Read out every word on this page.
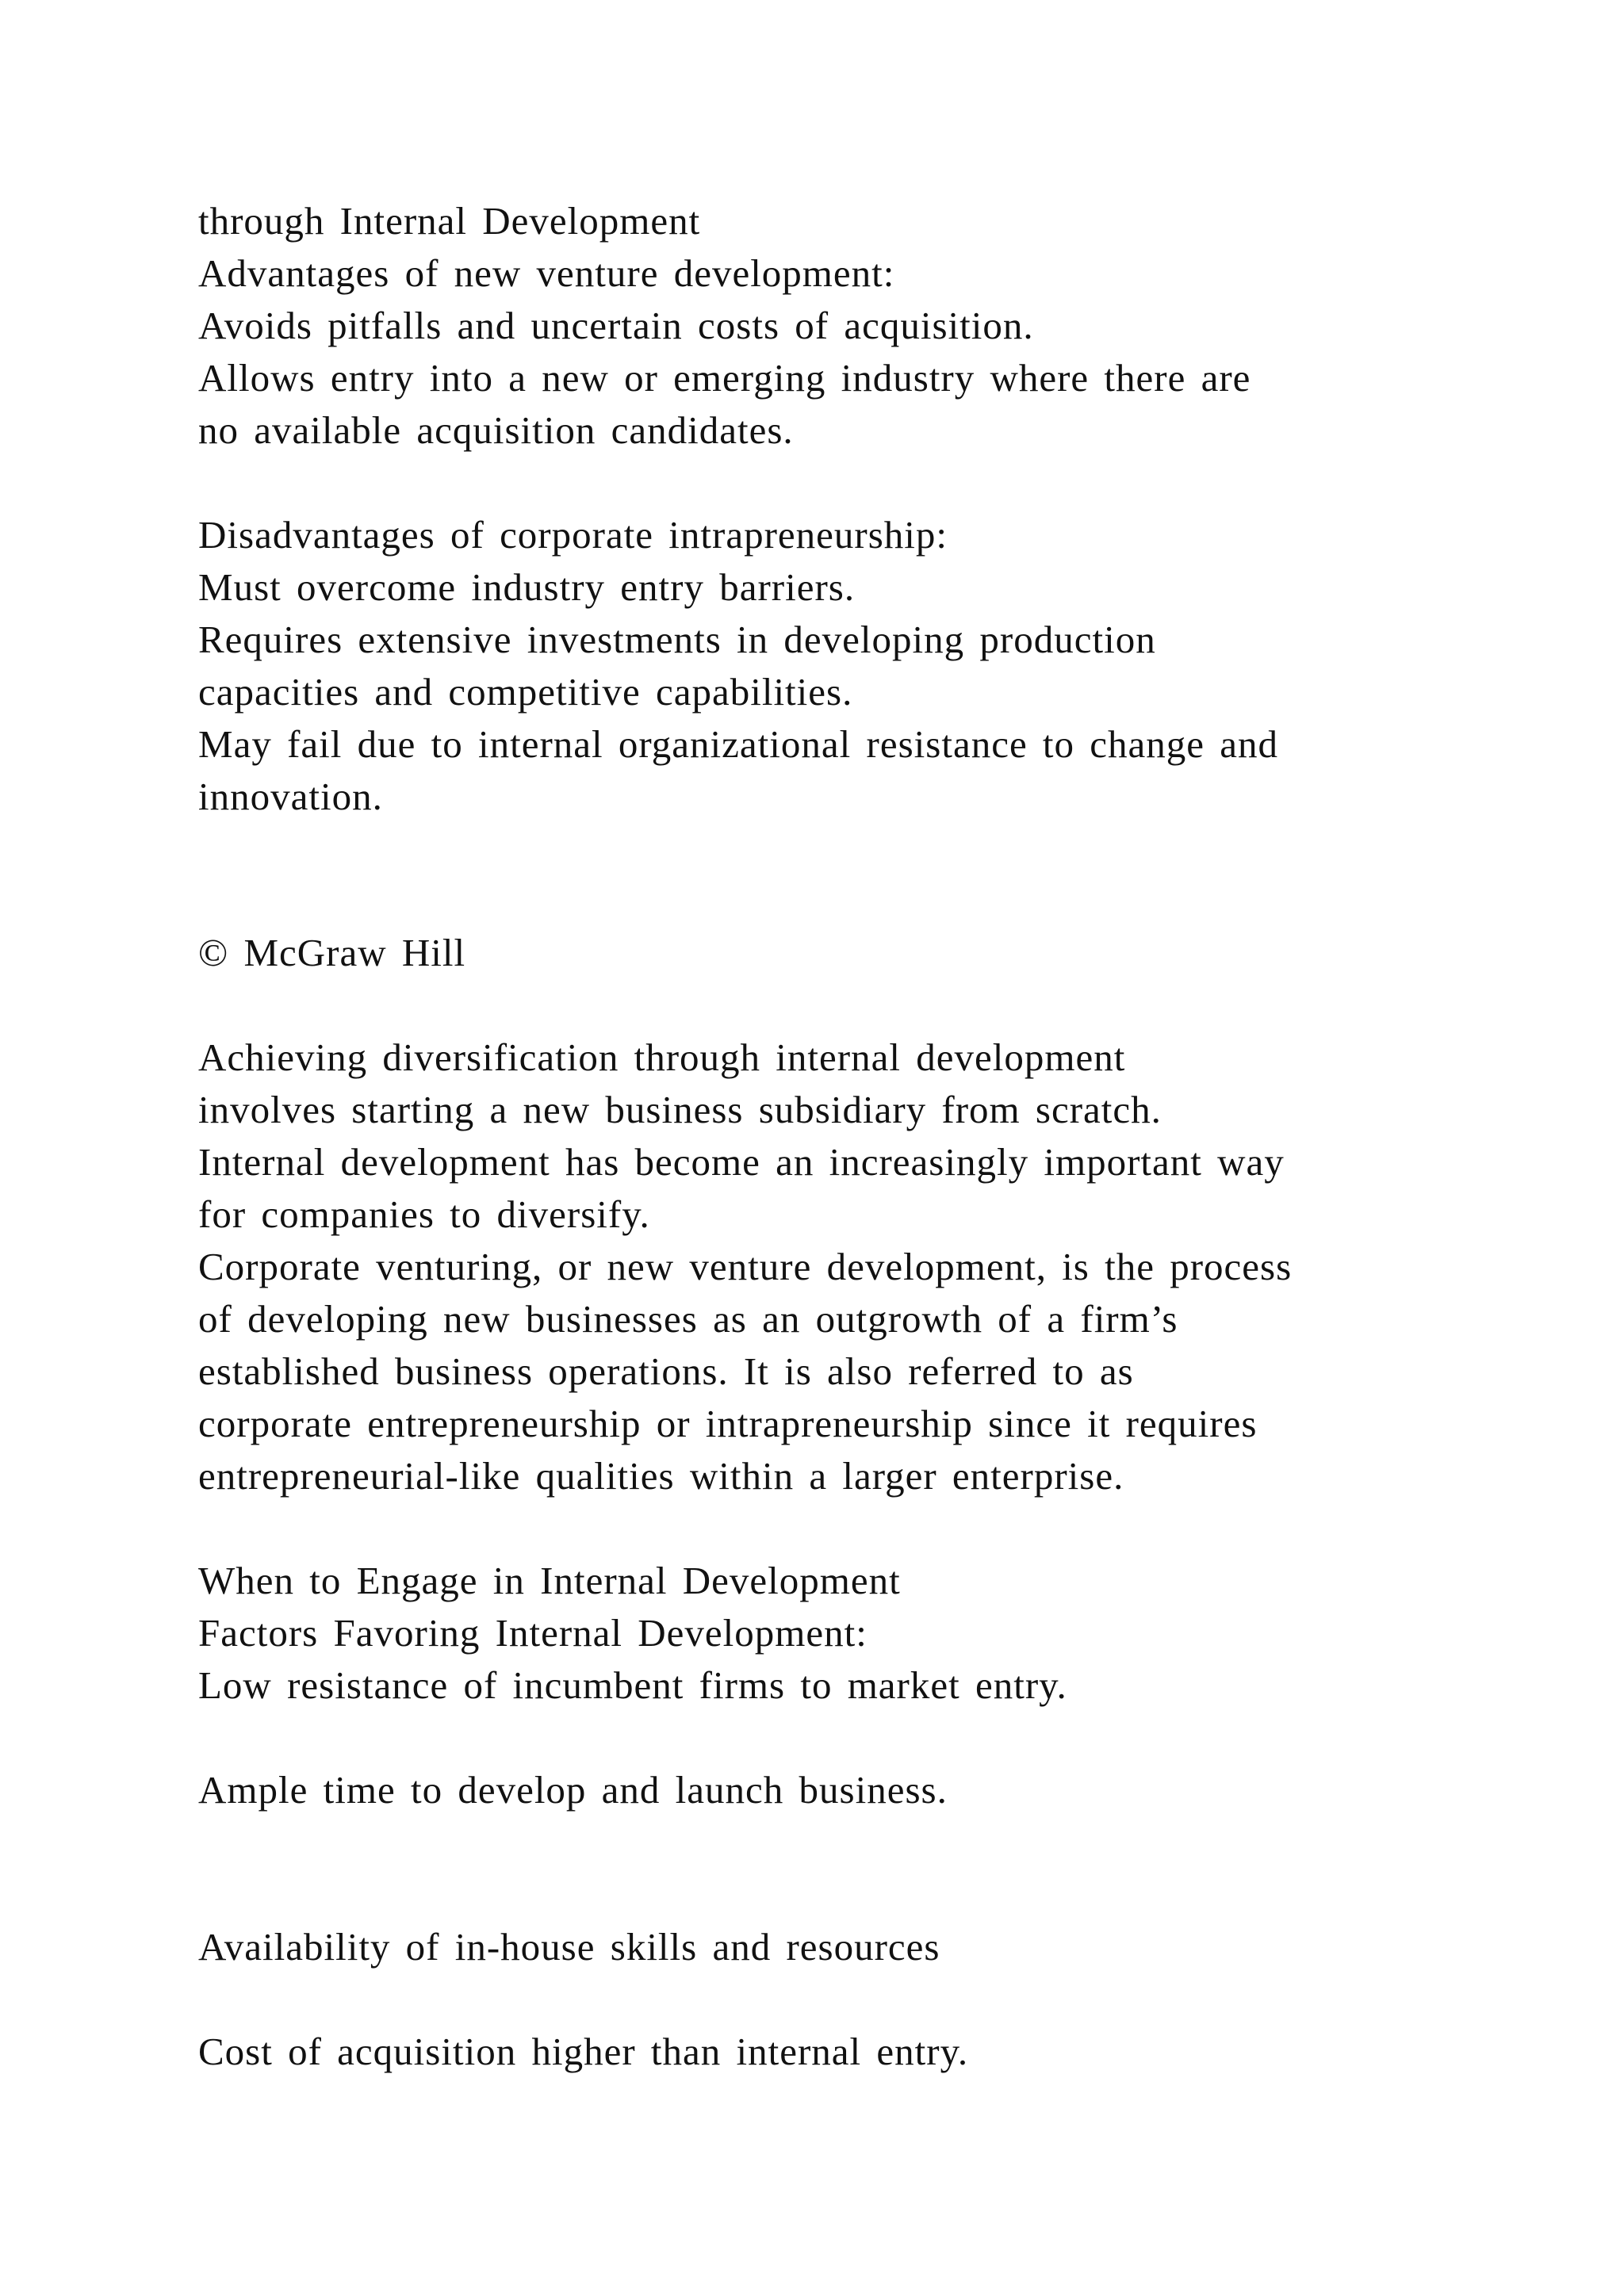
through Internal Development

Advantages of new venture development:

Avoids pitfalls and uncertain costs of acquisition.

Allows entry into a new or emerging industry where there are

no available acquisition candidates.

Disadvantages of corporate intrapreneurship:

Must overcome industry entry barriers.

Requires extensive investments in developing production

capacities and competitive capabilities.

May fail due to internal organizational resistance to change and

innovation.

© McGraw Hill

Achieving diversification through internal development

involves starting a new business subsidiary from scratch.

Internal development has become an increasingly important way

for companies to diversify.

Corporate venturing, or new venture development, is the process

of developing new businesses as an outgrowth of a firm’s

established business operations. It is also referred to as

corporate entrepreneurship or intrapreneurship since it requires

entrepreneurial-like qualities within a larger enterprise.

When to Engage in Internal Development

Factors Favoring Internal Development:

Low resistance of incumbent firms to market entry.

Ample time to develop and launch business.

Availability of in-house skills and resources

Cost of acquisition higher than internal entry.
